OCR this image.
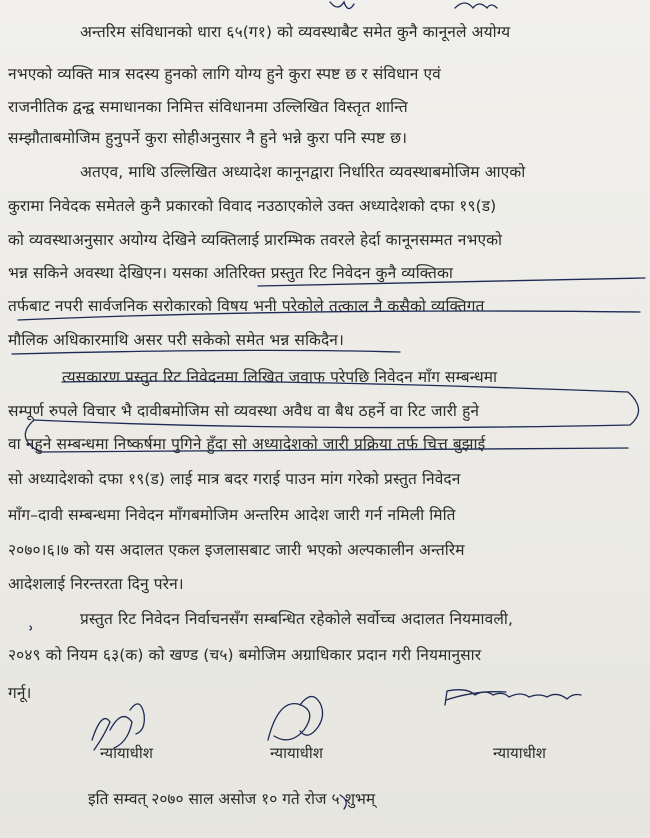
अन्तरिम संविधानको धारा ६५(ग१) को व्यवस्थाबैट समेत कुनै कानूनले अयोग्य
नभएको व्यक्ति मात्र सदस्य हुनको लागि योग्य हुने कुरा स्पष्ट छ र संविधान एवं
राजनीतिक द्वन्द्व समाधानका निमित्त संविधानमा उल्लिखित विस्तृत शान्ति
सम्झौताबमोजिम हुनुपर्ने कुरा सोहीअनुसार नै हुने भन्ने कुरा पनि स्पष्ट छ।
अतएव, माथि उल्लिखित अध्यादेश कानूनद्वारा निर्धारित व्यवस्थाबमोजिम आएको
कुरामा निवेदक समेतले कुनै प्रकारको विवाद नउठाएकोले उक्त अध्यादेशको दफा १९(ड)
को व्यवस्थाअनुसार अयोग्य देखिने व्यक्तिलाई प्रारम्भिक तवरले हेर्दा कानूनसम्मत नभएको
भन्न सकिने अवस्था देखिएन। यसका अतिरिक्त प्रस्तुत रिट निवेदन कुनै व्यक्तिका
तर्फबाट नपरी सार्वजनिक सरोकारको विषय भनी परेकोले तत्काल नै कसैको व्यक्तिगत
मौलिक अधिकारमाथि असर परी सकेको समेत भन्न सकिदैन।
त्यसकारण प्रस्तुत रिट निवेदनमा लिखित जवाफ परेपछि निवेदन माँग सम्बन्धमा
सम्पूर्ण रुपले विचार भै दावीबमोजिम सो व्यवस्था अवैध वा बैध ठहर्ने वा रिट जारी हुने
वा नहुने सम्बन्धमा निष्कर्षमा पुगिने हुँदा सो अध्यादेशको जारी प्रक्रिया तर्फ चित्त बुझाई
सो अध्यादेशको दफा १९(ड) लाई मात्र बदर गराई पाउन मांग गरेको प्रस्तुत निवेदन
माँग–दावी सम्बन्धमा निवेदन माँगबमोजिम अन्तरिम आदेश जारी गर्न नमिली मिति
२०७०।६।७ को यस अदालत एकल इजलासबाट जारी भएको अल्पकालीन अन्तरिम
आदेशलाई निरन्तरता दिनु परेन।
प्रस्तुत रिट निवेदन निर्वाचनसँग सम्बन्धित रहेकोले सर्वोच्च अदालत नियमावली,
२०४९ को नियम ६३(क) को खण्ड (च५) बमोजिम अग्राधिकार प्रदान गरी नियमानुसार
गर्नू।
न्यायाधीश	न्यायाधीश	न्यायाधीश
इति सम्वत् २०७० साल असोज १० गते रोज ५ शुभम्
